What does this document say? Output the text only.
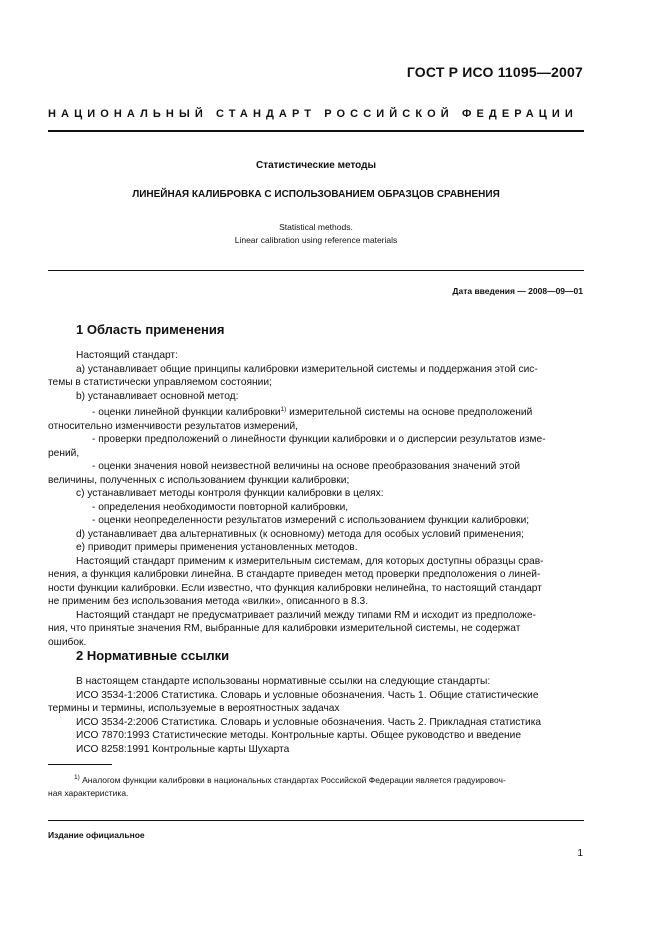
ГОСТ Р ИСО 11095—2007
НАЦИОНАЛЬНЫЙ СТАНДАРТ РОССИЙСКОЙ ФЕДЕРАЦИИ
Статистические методы
ЛИНЕЙНАЯ КАЛИБРОВКА С ИСПОЛЬЗОВАНИЕМ ОБРАЗЦОВ СРАВНЕНИЯ
Statistical methods.
Linear calibration using reference materials
Дата введения — 2008—09—01
1 Область применения

Настоящий стандарт:

а) устанавливает общие принципы калибровки измерительной системы и поддержания этой сис-

темы в статистически управляемом состоянии;

b) устанавливает основной метод:

- оценки линейной функции калибровки$^{1)}$ измерительной системы на основе предположений

относительно изменчивости результатов измерений,

- проверки предположений о линейности функции калибровки и о дисперсии результатов изме-

рений,

- оценки значения новой неизвестной величины на основе преобразования значений этой

величины, полученных с использованием функции калибровки;

с) устанавливает методы контроля функции калибровки в целях:

- определения необходимости повторной калибровки,

- оценки неопределенности результатов измерений с использованием функции калибровки;

d) устанавливает два альтернативных (к основному) метода для особых условий применения;

е) приводит примеры применения установленных методов.

Настоящий стандарт применим к измерительным системам, для которых доступны образцы срав-

нения, а функция калибровки линейна. В стандарте приведен метод проверки предположения о линей-

ности функции калибровки. Если известно, что функция калибровки нелинейна, то настоящий стандарт

не применим без использования метода «вилки», описанного в 8.3.

Настоящий стандарт не предусматривает различий между типами RM и исходит из предположе-

ния, что принятые значения RM, выбранные для калибровки измерительной системы, не содержат

ошибок.

2 Нормативные ссылки

В настоящем стандарте использованы нормативные ссылки на следующие стандарты:

ИСО 3534-1:2006 Статистика. Словарь и условные обозначения. Часть 1. Общие статистические

термины и термины, используемые в вероятностных задачах

ИСО 3534-2:2006 Статистика. Словарь и условные обозначения. Часть 2. Прикладная статистика

ИСО 7870:1993 Статистические методы. Контрольные карты. Общее руководство и введение

ИСО 8258:1991 Контрольные карты Шухарта

$^{1)}$ Аналогом функции калибровки в национальных стандартах Российской Федерации является градуировоч-
ная характеристика.
Издание официальное
1
